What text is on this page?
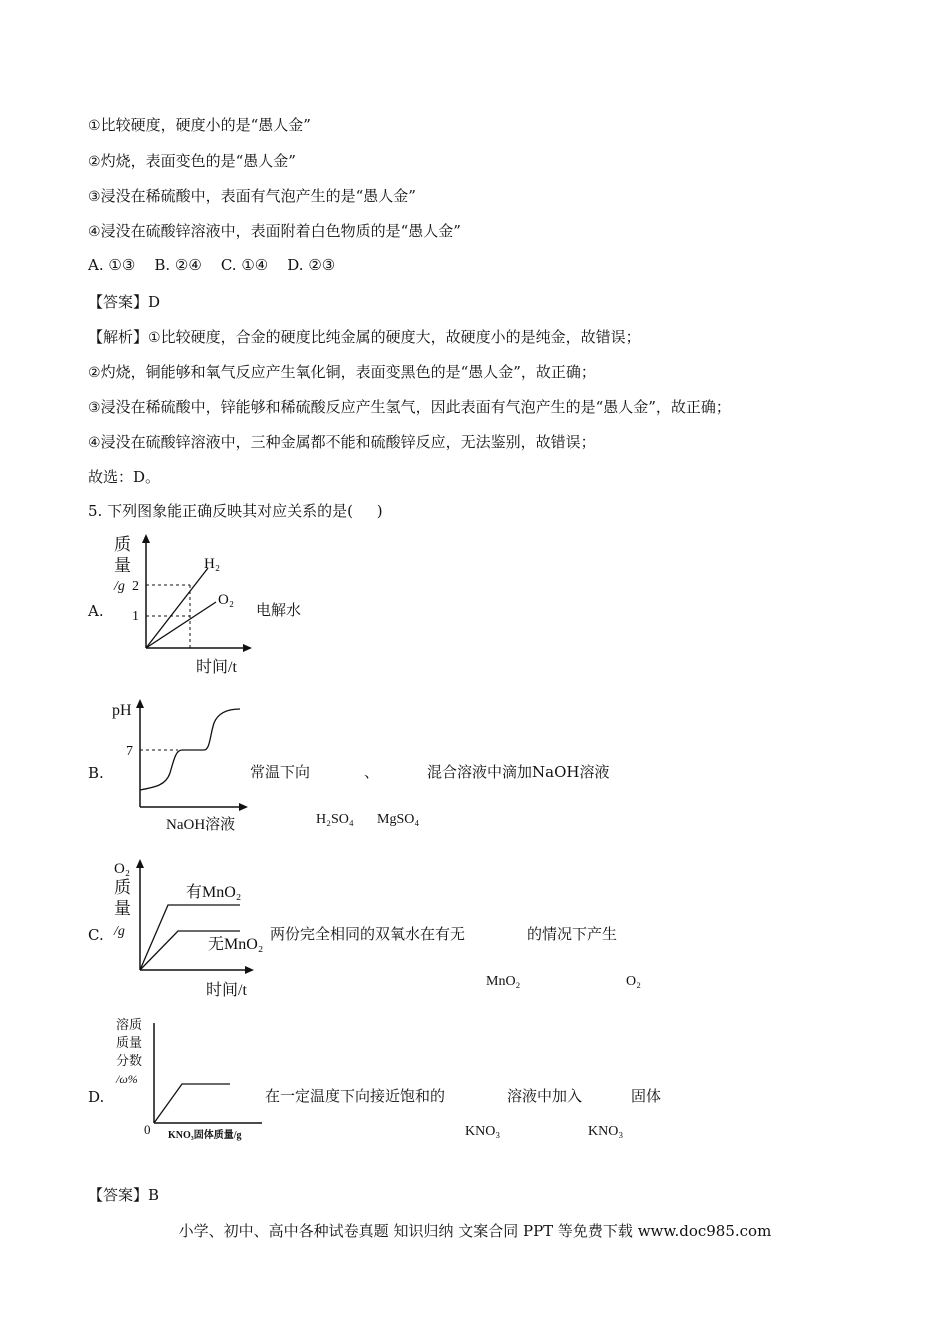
①比较硬度，硬度小的是“愚人金”
②灼烧，表面变色的是“愚人金”
③浸没在稀硫酸中，表面有气泡产生的是“愚人金”
④浸没在硫酸锌溶液中，表面附着白色物质的是“愚人金”
A. ①③    B. ②④    C. ①④    D. ②③
【答案】D
【解析】①比较硬度，合金的硬度比纯金属的硬度大，故硬度小的是纯金，故错误；
②灼烧，铜能够和氧气反应产生氧化铜，表面变黑色的是“愚人金”，故正确；
③浸没在稀硫酸中，锌能够和稀硫酸反应产生氢气，因此表面有气泡产生的是“愚人金”，故正确；
④浸没在硫酸锌溶液中，三种金属都不能和硫酸锌反应，无法鉴别，故错误；
故选：D。
5. 下列图象能正确反映其对应关系的是(     )
A.
质
量
/g 2
1
H₂
O₂
时间/t
电解水
B.
pH
7
NaOH溶液
常温下向	、	混合溶液中滴加NaOH溶液
H₂SO₄ MgSO₄
C.
O₂
质
量
/g
有MnO₂
无MnO₂
时间/t
两份完全相同的双氧水在有无	的情况下产生
MnO₂	O₂
D.
溶质
质量
分数
/ω%
0 KNO₃固体质量/g
在一定温度下向接近饱和的	溶液中加入	固体
KNO₃	KNO₃
【答案】B
小学、初中、高中各种试卷真题 知识归纳 文案合同 PPT 等免费下载 www.doc985.com
